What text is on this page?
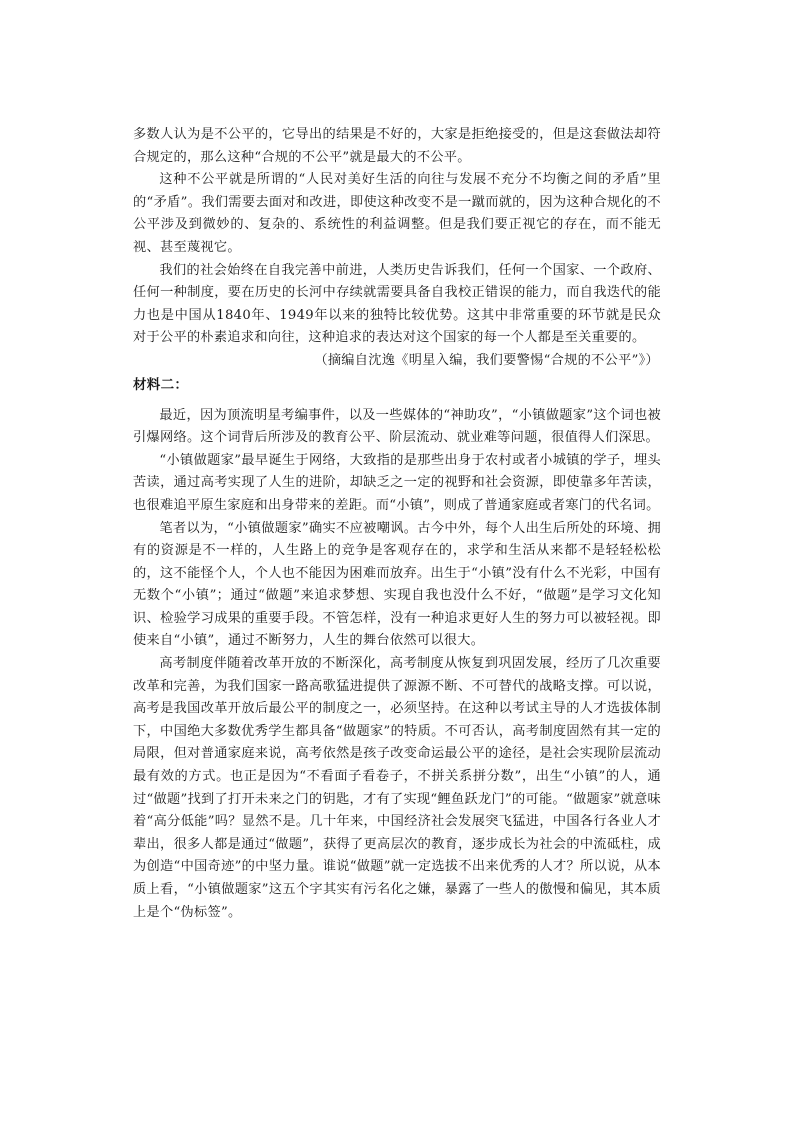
多数人认为是不公平的，它导出的结果是不好的，大家是拒绝接受的，但是这套做法却符合规定的，那么这种“合规的不公平”就是最大的不公平。

这种不公平就是所谓的“人民对美好生活的向往与发展不充分不均衡之间的矛盾”里的“矛盾”。我们需要去面对和改进，即使这种改变不是一蹴而就的，因为这种合规化的不公平涉及到微妙的、复杂的、系统性的利益调整。但是我们要正视它的存在，而不能无视、甚至蔑视它。

我们的社会始终在自我完善中前进，人类历史告诉我们，任何一个国家、一个政府、任何一种制度，要在历史的长河中存续就需要具备自我校正错误的能力，而自我迭代的能力也是中国从1840年、1949年以来的独特比较优势。这其中非常重要的环节就是民众对于公平的朴素追求和向往，这种追求的表达对这个国家的每一个人都是至关重要的。

（摘编自沈逸《明星入编，我们要警惕“合规的不公平”》）

材料二：

最近，因为顶流明星考编事件，以及一些媒体的“神助攻”，“小镇做题家”这个词也被引爆网络。这个词背后所涉及的教育公平、阶层流动、就业难等问题，很值得人们深思。

“小镇做题家”最早诞生于网络，大致指的是那些出身于农村或者小城镇的学子，埋头苦读，通过高考实现了人生的进阶，却缺乏之一定的视野和社会资源，即使靠多年苦读，也很难追平原生家庭和出身带来的差距。而“小镇”，则成了普通家庭或者寒门的代名词。

笔者以为，“小镇做题家”确实不应被嘲讽。古今中外，每个人出生后所处的环境、拥有的资源是不一样的，人生路上的竞争是客观存在的，求学和生活从来都不是轻轻松松的，这不能怪个人，个人也不能因为困难而放弃。出生于“小镇”没有什么不光彩，中国有无数个“小镇”；通过“做题”来追求梦想、实现自我也没什么不好，“做题”是学习文化知识、检验学习成果的重要手段。不管怎样，没有一种追求更好人生的努力可以被轻视。即使来自“小镇”，通过不断努力，人生的舞台依然可以很大。

高考制度伴随着改革开放的不断深化，高考制度从恢复到巩固发展，经历了几次重要改革和完善，为我们国家一路高歌猛进提供了源源不断、不可替代的战略支撑。可以说，高考是我国改革开放后最公平的制度之一，必须坚持。在这种以考试主导的人才选拔体制下，中国绝大多数优秀学生都具备“做题家”的特质。不可否认，高考制度固然有其一定的局限，但对普通家庭来说，高考依然是孩子改变命运最公平的途径，是社会实现阶层流动最有效的方式。也正是因为“不看面子看卷子，不拼关系拼分数”，出生“小镇”的人，通过“做题”找到了打开未来之门的钥匙，才有了实现“鲤鱼跃龙门”的可能。“做题家”就意味着“高分低能”吗？显然不是。几十年来，中国经济社会发展突飞猛进，中国各行各业人才辈出，很多人都是通过“做题”，获得了更高层次的教育，逐步成长为社会的中流砥柱，成为创造“中国奇迹”的中坚力量。谁说“做题”就一定选拔不出来优秀的人才？所以说，从本质上看，“小镇做题家”这五个字其实有污名化之嫌，暴露了一些人的傲慢和偏见，其本质上是个“伪标签”。
